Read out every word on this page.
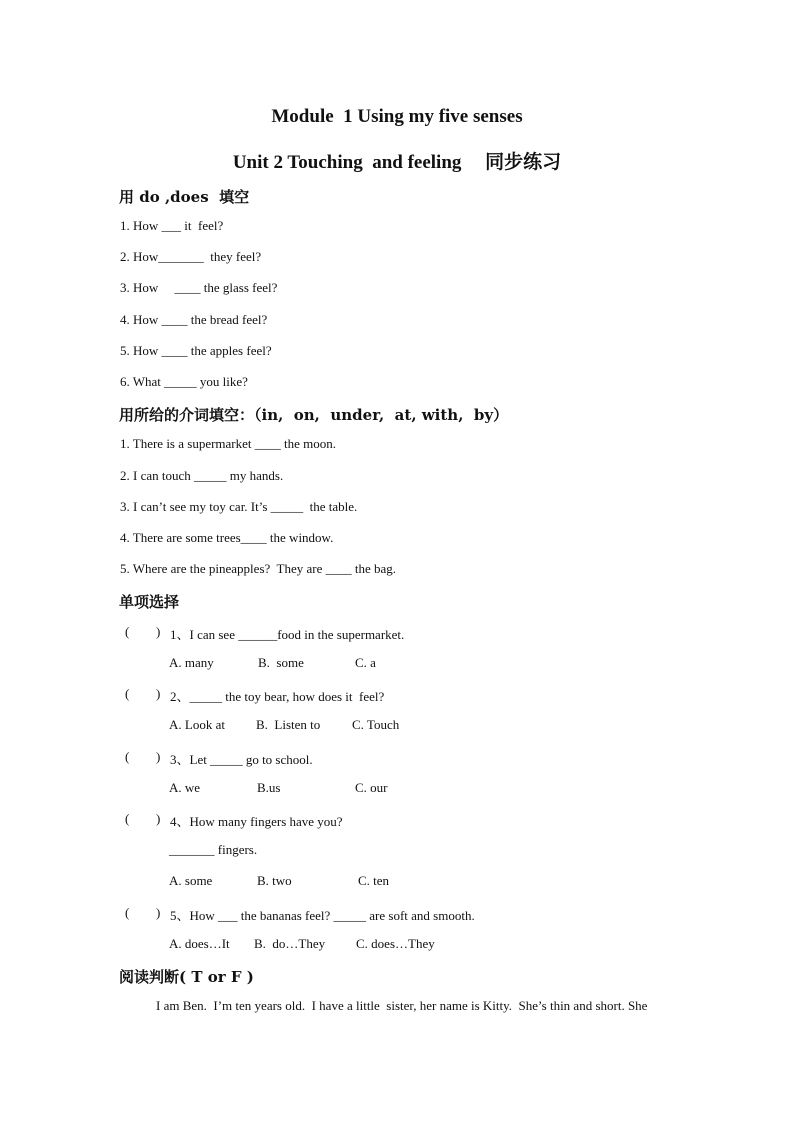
Module  1 Using my five senses
Unit 2 Touching  and feeling     同步练习
用 do ,does  填空
1. How ___ it  feel?
2. How_______  they feel?
3. How     ____ the glass feel?
4. How ____ the bread feel?
5. How ____ the apples feel?
6. What _____ you like?
用所给的介词填空：（in,  on,  under,  at, with,  by）
1. There is a supermarket ____ the moon.
2. I can touch _____ my hands.
3. I can’t see my toy car. It’s _____  the table.
4. There are some trees____ the window.
5. Where are the pineapples?  They are ____ the bag.
单项选择
( ) 1、I can see ______food in the supermarket.
A. many	B.  some	C. a
( ) 2、_____ the toy bear, how does it  feel?
A. Look at B.  Listen to C. Touch
( ) 3、Let _____ go to school.
A. we	B.us	C. our
( ) 4、How many fingers have you?
_______ fingers.
A. some	B. two	C. ten
( ) 5、How ___ the bananas feel? _____ are soft and smooth.
A. does…It B.  do…They C. does…They
阅读判断( T or F )
I am Ben.  I’m ten years old.  I have a little  sister, her name is Kitty.  She’s thin and short. She
